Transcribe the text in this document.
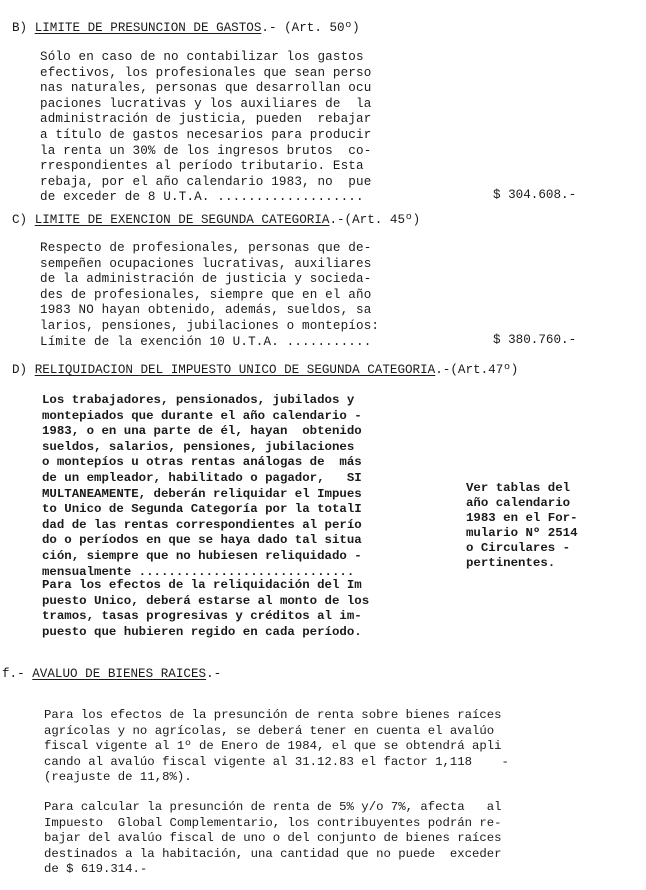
B) LIMITE DE PRESUNCION DE GASTOS.- (Art. 50º)
Sólo en caso de no contabilizar los gastos
efectivos, los profesionales que sean perso
nas naturales, personas que desarrollan ocu
paciones lucrativas y los auxiliares de  la
administración de justicia, pueden  rebajar
a título de gastos necesarios para producir
la renta un 30% de los ingresos brutos  co-
rrespondientes al período tributario. Esta
rebaja, por el año calendario 1983, no  pue
de exceder de 8 U.T.A. ...................	$ 304.608.-
C) LIMITE DE EXENCION DE SEGUNDA CATEGORIA.-(Art. 45º)
Respecto de profesionales, personas que de-
sempeñen ocupaciones lucrativas, auxiliares
de la administración de justicia y socieda-
des de profesionales, siempre que en el año
1983 NO hayan obtenido, además, sueldos, sa
larios, pensiones, jubilaciones o montepíos:
Límite de la exención 10 U.T.A. ...........	$ 380.760.-
D) RELIQUIDACION DEL IMPUESTO UNICO DE SEGUNDA CATEGORIA.-(Art.47º)
Los trabajadores, pensionados, jubilados y
montepiados que durante el año calendario -
1983, o en una parte de él, hayan  obtenido
sueldos, salarios, pensiones, jubilaciones
o montepíos u otras rentas análogas de  más
de un empleador, habilitado o pagador,   SI
MULTANEAMENTE, deberán reliquidar el Impues
to Unico de Segunda Categoría por la totalI
dad de las rentas correspondientes al perío
do o períodos en que se haya dado tal situa
ción, siempre que no hubiesen reliquidado -
mensualmente .............................
Ver tablas del
año calendario
1983 en el For-
mulario Nº 2514
o Circulares -
pertinentes.
Para los efectos de la reliquidación del Im
puesto Unico, deberá estarse al monto de los
tramos, tasas progresivas y créditos al im-
puesto que hubieren regido en cada período.
f.- AVALUO DE BIENES RAICES.-
Para los efectos de la presunción de renta sobre bienes raíces
agrícolas y no agrícolas, se deberá tener en cuenta el avalúo
fiscal vigente al 1º de Enero de 1984, el que se obtendrá apli
cando al avalúo fiscal vigente al 31.12.83 el factor 1,118    -
(reajuste de 11,8%).
Para calcular la presunción de renta de 5% y/o 7%, afecta   al
Impuesto  Global Complementario, los contribuyentes podrán re-
bajar del avalúo fiscal de uno o del conjunto de bienes raíces
destinados a la habitación, una cantidad que no puede  exceder
de $ 619.314.-
